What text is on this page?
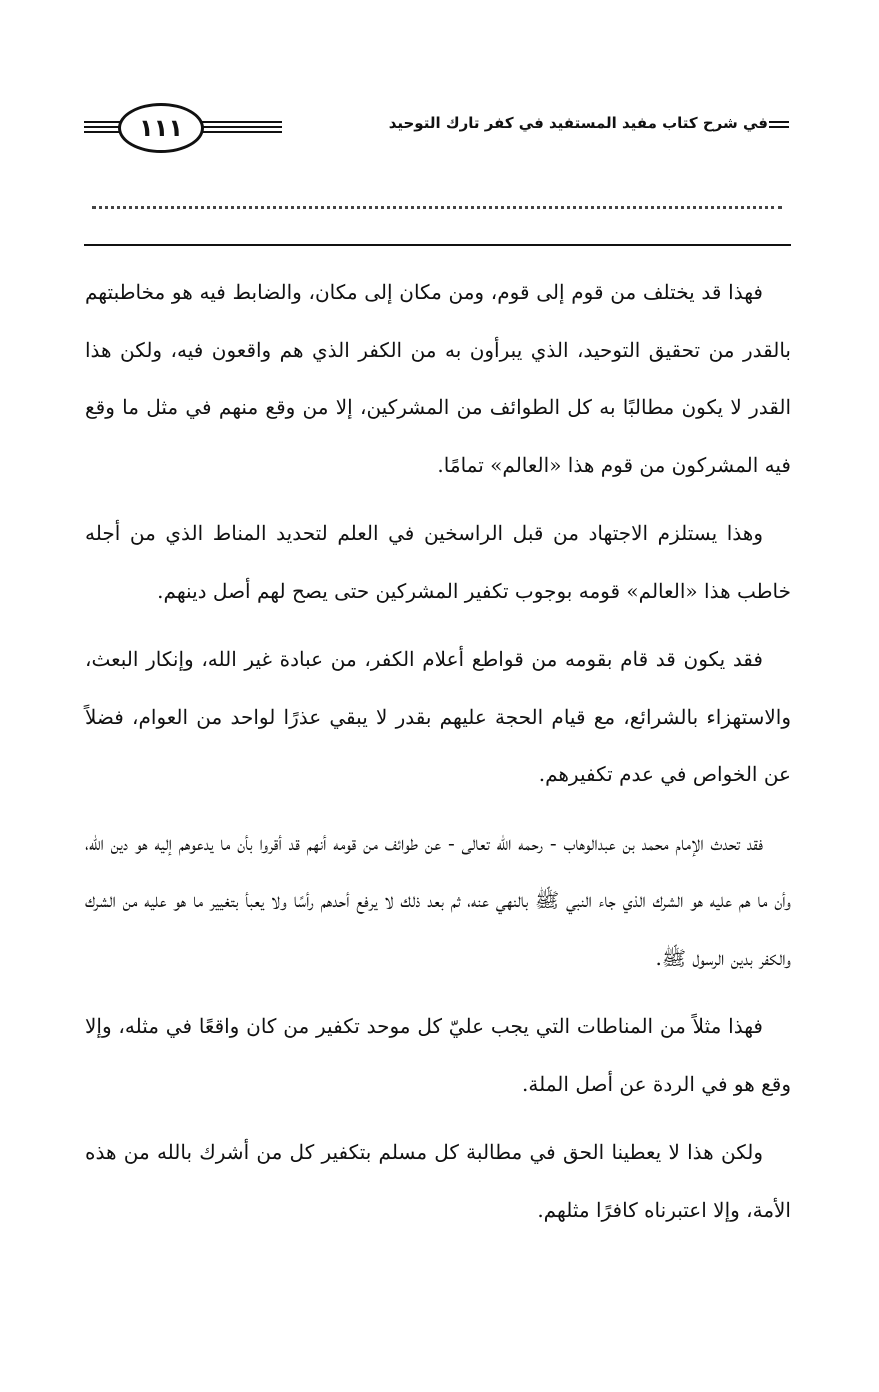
في شرح كتاب مفيد المستفيد في كفر تارك التوحيد
١١١

فهذا قد يختلف من قوم إلى قوم، ومن مكان إلى مكان، والضابط فيه هو مخاطبتهم بالقدر من تحقيق التوحيد، الذي يبرأون به من الكفر الذي هم واقعون فيه، ولكن هذا القدر لا يكون مطالبًا به كل الطوائف من المشركين، إلا من وقع منهم في مثل ما وقع فيه المشركون من قوم هذا «العالم» تمامًا.

وهذا يستلزم الاجتهاد من قبل الراسخين في العلم لتحديد المناط الذي من أجله خاطب هذا «العالم» قومه بوجوب تكفير المشركين حتى يصح لهم أصل دينهم.

فقد يكون قد قام بقومه من قواطع أعلام الكفر، من عبادة غير الله، وإنكار البعث، والاستهزاء بالشرائع، مع قيام الحجة عليهم بقدر لا يبقي عذرًا لواحد من العوام، فضلاً عن الخواص في عدم تكفيرهم.

فقد تحدث الإمام محمد بن عبدالوهاب - رحمه الله تعالى - عن طوائف من قومه أنهم قد أقروا بأن ما يدعوهم إليه هو دين الله، وأن ما هم عليه هو الشرك الذي جاء النبي ﷺ بالنهي عنه، ثم بعد ذلك لا يرفع أحدهم رأسًا ولا يعبأ بتغيير ما هو عليه من الشرك والكفر بدين الرسول ﷺ.

فهذا مثلاً من المناطات التي يجب عليّ كل موحد تكفير من كان واقعًا في مثله، وإلا وقع هو في الردة عن أصل الملة.

ولكن هذا لا يعطينا الحق في مطالبة كل مسلم بتكفير كل من أشرك بالله من هذه الأمة، وإلا اعتبرناه كافرًا مثلهم.
